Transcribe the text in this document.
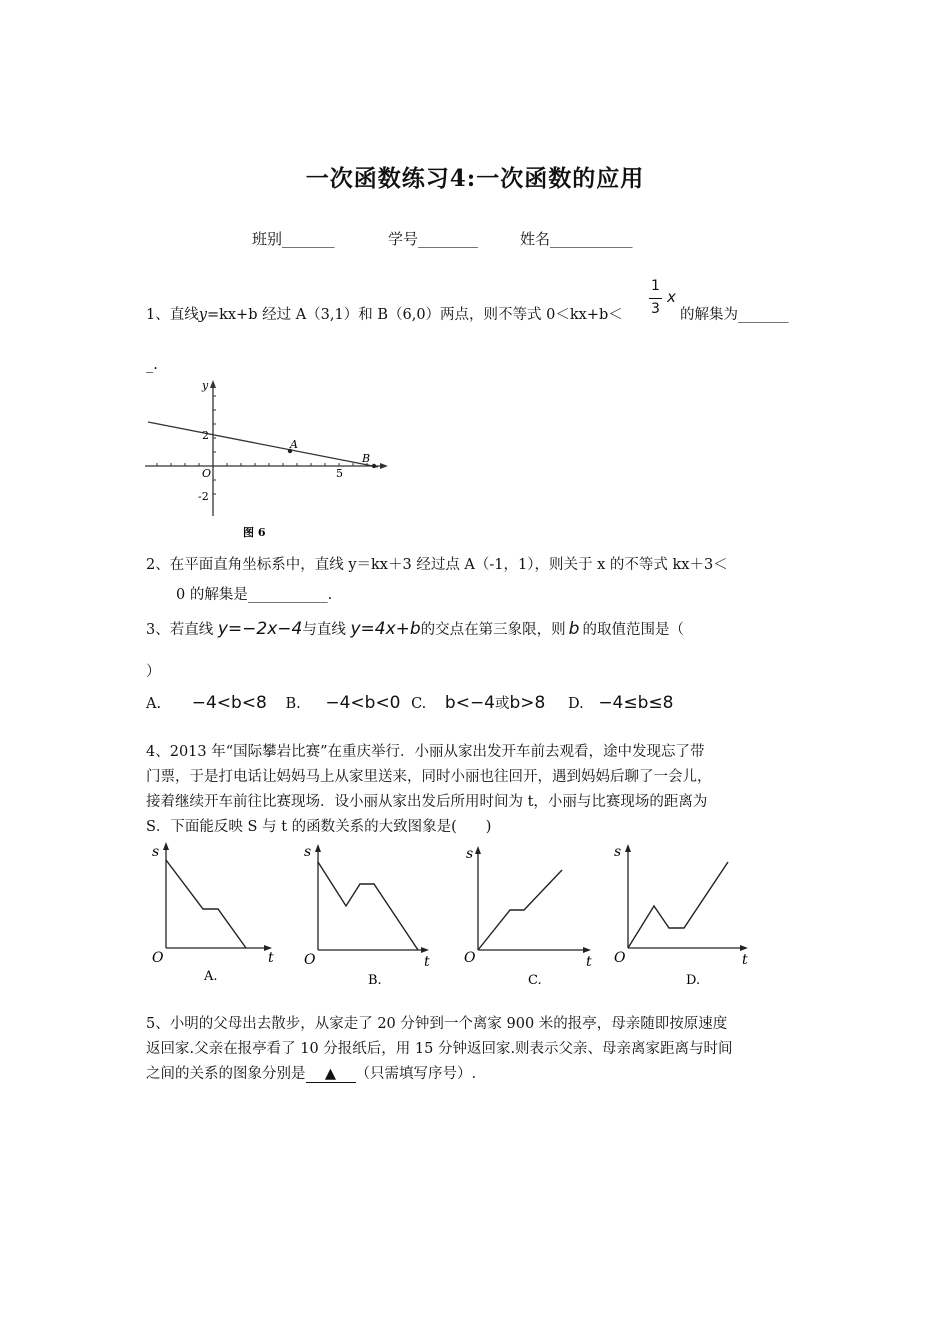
一次函数练习4:一次函数的应用
班别_______	学号________	姓名___________
1、直线y=kx+b 经过 A（3,1）和 B（6,0）两点，则不等式 0＜kx+b＜
1
3
x
的解集为_______
_.
y
2
O
-2
5
A
B
图 6
2、在平面直角坐标系中，直线 y＝kx＋3 经过点 A（-1，1），则关于 x 的不等式 kx＋3＜
0 的解集是___________.
3、若直线 y=−2x−4与直线 y=4x+b的交点在第三象限，则 b 的取值范围是（
）
A. −4<b<8 B. −4<b<0 C. b<−4或b>8 D. −4≤b≤8
4、2013 年“国际攀岩比赛”在重庆举行．小丽从家出发开车前去观看，途中发现忘了带
门票，于是打电话让妈妈马上从家里送来，同时小丽也往回开，遇到妈妈后聊了一会儿，
接着继续开车前往比赛现场．设小丽从家出发后所用时间为 t，小丽与比赛现场的距离为
S．下面能反映 S 与 t 的函数关系的大致图象是(　　)
s
O	t
A.
s
O	t
B.
s
O	t
C.
s
O	t
D.
5、小明的父母出去散步，从家走了 20 分钟到一个离家 900 米的报亭，母亲随即按原速度
返回家.父亲在报亭看了 10 分报纸后，用 15 分钟返回家.则表示父亲、母亲离家距离与时间
之间的关系的图象分别是 ▲ （只需填写序号）.
